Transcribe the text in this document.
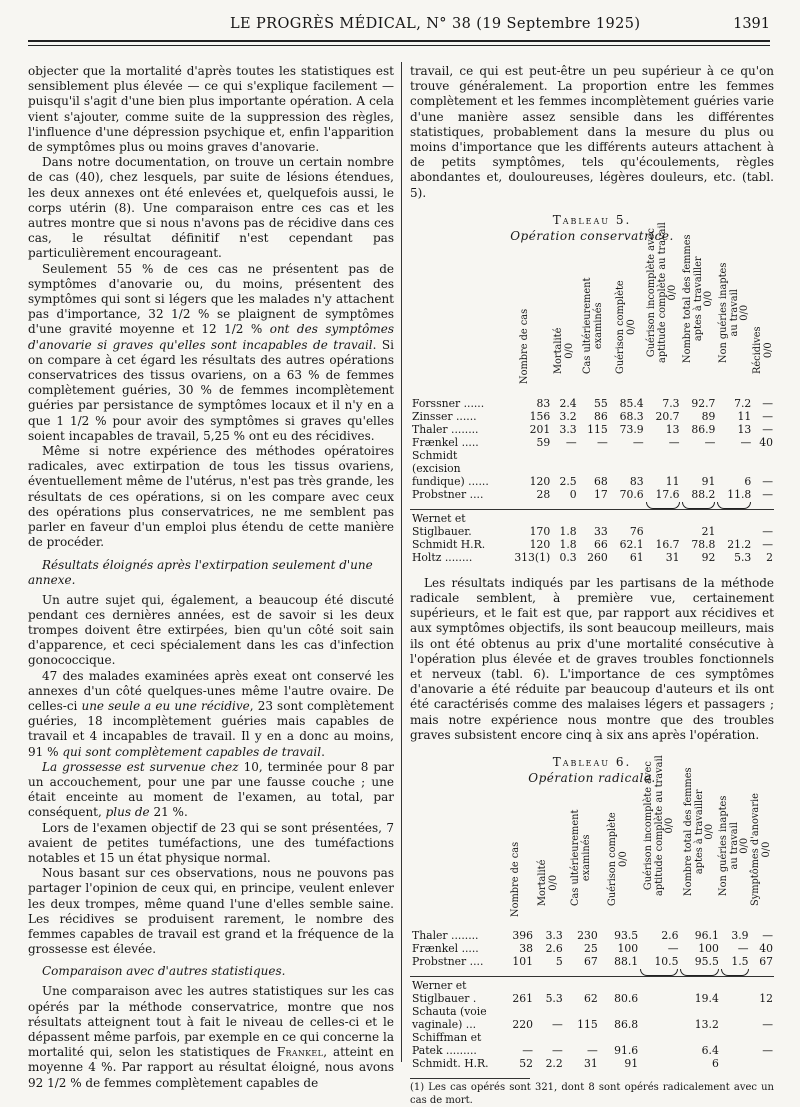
LE PROGRÈS MÉDICAL, N° 38 (19 Septembre 1925)	1391

objecter que la mortalité d'après toutes les statistiques est sensiblement plus élevée — ce qui s'explique facilement — puisqu'il s'agit d'une bien plus importante opération. A cela vient s'ajouter, comme suite de la suppression des règles, l'influence d'une dépression psychique et, enfin l'apparition de symptômes plus ou moins graves d'anovarie.

Dans notre documentation, on trouve un certain nombre de cas (40), chez lesquels, par suite de lésions étendues, les deux annexes ont été enlevées et, quelquefois aussi, le corps utérin (8). Une comparaison entre ces cas et les autres montre que si nous n'avons pas de récidive dans ces cas, le résultat définitif n'est cependant pas particulièrement encourageant.

Seulement 55 % de ces cas ne présentent pas de symptômes d'anovarie ou, du moins, présentent des symptômes qui sont si légers que les malades n'y attachent pas d'importance, 32 1/2 % se plaignent de symptômes d'une gravité moyenne et 12 1/2 % ont des symptômes d'anovarie si graves qu'elles sont incapables de travail. Si on compare à cet égard les résultats des autres opérations conservatrices des tissus ovariens, on a 63 % de femmes complètement guéries, 30 % de femmes incomplètement guéries par persistance de symptômes locaux et il n'y en a que 1 1/2 % pour avoir des symptômes si graves qu'elles soient incapables de travail, 5,25 % ont eu des récidives.

Même si notre expérience des méthodes opératoires radicales, avec extirpation de tous les tissus ovariens, éventuellement même de l'utérus, n'est pas très grande, les résultats de ces opérations, si on les compare avec ceux des opérations plus conservatrices, ne me semblent pas parler en faveur d'un emploi plus étendu de cette manière de procéder.

Résultats éloignés après l'extirpation seulement d'une annexe.

Un autre sujet qui, également, a beaucoup été discuté pendant ces dernières années, est de savoir si les deux trompes doivent être extirpées, bien qu'un côté soit sain d'apparence, et ceci spécialement dans les cas d'infection gonococcique.

47 des malades examinées après exeat ont conservé les annexes d'un côté quelques-unes même l'autre ovaire. De celles-ci une seule a eu une récidive, 23 sont complètement guéries, 18 incomplètement guéries mais capables de travail et 4 incapables de travail. Il y en a donc au moins, 91 % qui sont complètement capables de travail.

La grossesse est survenue chez 10, terminée pour 8 par un accouchement, pour une par une fausse couche ; une était enceinte au moment de l'examen, au total, par conséquent, plus de 21 %.

Lors de l'examen objectif de 23 qui se sont présentées, 7 avaient de petites tuméfactions, une des tuméfactions notables et 15 un état physique normal.

Nous basant sur ces observations, nous ne pouvons pas partager l'opinion de ceux qui, en principe, veulent enlever les deux trompes, même quand l'une d'elles semble saine. Les récidives se produisent rarement, le nombre des femmes capables de travail est grand et la fréquence de la grossesse est élevée.

Comparaison avec d'autres statistiques.

Une comparaison avec les autres statistiques sur les cas opérés par la méthode conservatrice, montre que nos résultats atteignent tout à fait le niveau de celles-ci et le dépassent même parfois, par exemple en ce qui concerne la mortalité qui, selon les statistiques de Frankel, atteint en moyenne 4 %. Par rapport au résultat éloigné, nous avons 92 1/2 % de femmes complètement capables de

travail, ce qui est peut-être un peu supérieur à ce qu'on trouve généralement. La proportion entre les femmes complètement et les femmes incomplètement guéries varie d'une manière assez sensible dans les différentes statistiques, probablement dans la mesure du plus ou moins d'importance que les différents auteurs attachent à de petits symptômes, tels qu'écoulements, règles abondantes et, douloureuses, légères douleurs, etc. (tabl. 5).

Tableau 5.
Opération conservatrice.

	Nombre de cas	Mortalité 0/0	Cas ultérieurement examinés	Guérison complète 0/0	Guérison incomplète avec aptitude complète au travail 0/0	Nombre total des femmes aptes à travailler 0/0	Non guéries inaptes au travail 0/0	Récidives 0/0

Forssner ......	83	2.4	55	85.4	7.3	92.7	7.2	—
Zinsser ......	156	3.2	86	68.3	20.7	89	11	—
Thaler ........	201	3.3	115	73.9	13	86.9	13	—
Frænkel .....	59	—	—	—	—	—	—	40
Schmidt (excision fundique) ......	120	2.5	68	83	11	91	6	—
Probstner ....	28	0	17	70.6	17.6	88.2	11.8	—

Wernet et Stiglbauer.	170	1.8	33	76		21		—
Schmidt H.R.	120	1.8	66	62.1	16.7	78.8	21.2	—
Holtz ........	313(1)	0.3	260	61	31	92	5.3	2

Les résultats indiqués par les partisans de la méthode radicale semblent, à première vue, certainement supérieurs, et le fait est que, par rapport aux récidives et aux symptômes objectifs, ils sont beaucoup meilleurs, mais ils ont été obtenus au prix d'une mortalité consécutive à l'opération plus élevée et de graves troubles fonctionnels et nerveux (tabl. 6). L'importance de ces symptômes d'anovarie a été réduite par beaucoup d'auteurs et ils ont été caractérisés comme des malaises légers et passagers ; mais notre expérience nous montre que des troubles graves subsistent encore cinq à six ans après l'opération.

Tableau 6.
Opération radicale.

	Nombre de cas	Mortalité 0/0	Cas ultérieurement examinés	Guérison complète 0/0	Guérison incomplète avec aptitude complète au travail 0/0	Nombre total des femmes aptes à travailler 0/0	Non guéries inaptes au travail 0/0	Symptômes d'anovarie 0/0

Thaler ........	396	3.3	230	93.5	2.6	96.1	3.9	—
Frænkel .....	38	2.6	25	100	—	100	—	40
Probstner ....	101	5	67	88.1	10.5	95.5	1.5	67

Werner et Stiglbauer .	261	5.3	62	80.6		19.4		12
Schauta (voie vaginale) ...	220	—	115	86.8		13.2		—
Schiffman et Patek .........	—	—	—	91.6		6.4		—
Schmidt. H.R.	52	2.2	31	91		6		

(1) Les cas opérés sont 321, dont 8 sont opérés radicalement avec un cas de mort.
